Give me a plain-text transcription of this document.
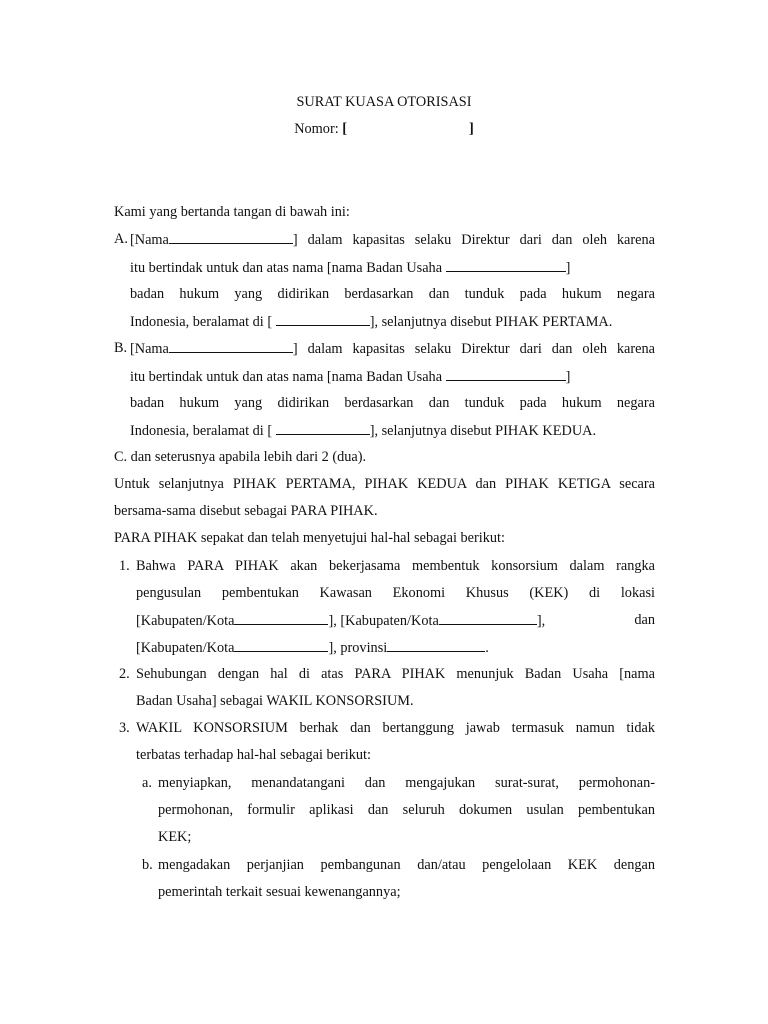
SURAT KUASA OTORISASI
Nomor: [	]
Kami yang bertanda tangan di bawah ini:
A. [Nama	] dalam kapasitas selaku Direktur dari dan oleh karena
itu bertindak untuk dan atas nama [nama Badan Usaha	]
badan hukum yang didirikan berdasarkan dan tunduk pada hukum negara
Indonesia, beralamat di [	], selanjutnya disebut PIHAK PERTAMA.
B. [Nama	] dalam kapasitas selaku Direktur dari dan oleh karena
itu bertindak untuk dan atas nama [nama Badan Usaha	]
badan hukum yang didirikan berdasarkan dan tunduk pada hukum negara
Indonesia, beralamat di [	], selanjutnya disebut PIHAK KEDUA.
C. dan seterusnya apabila lebih dari 2 (dua).
Untuk selanjutnya PIHAK PERTAMA, PIHAK KEDUA dan PIHAK KETIGA secara
bersama-sama disebut sebagai PARA PIHAK.
PARA PIHAK sepakat dan telah menyetujui hal-hal sebagai berikut:
1. Bahwa PARA PIHAK akan bekerjasama membentuk konsorsium dalam rangka
pengusulan pembentukan Kawasan Ekonomi Khusus (KEK) di lokasi
[Kabupaten/Kota	], [Kabupaten/Kota	],	dan
[Kabupaten/Kota	], provinsi	.
2. Sehubungan dengan hal di atas PARA PIHAK menunjuk Badan Usaha [nama
Badan Usaha] sebagai WAKIL KONSORSIUM.
3. WAKIL KONSORSIUM berhak dan bertanggung jawab termasuk namun tidak
terbatas terhadap hal-hal sebagai berikut:
a. menyiapkan, menandatangani dan mengajukan surat-surat, permohonan-
permohonan, formulir aplikasi dan seluruh dokumen usulan pembentukan
KEK;
b. mengadakan perjanjian pembangunan dan/atau pengelolaan KEK dengan
pemerintah terkait sesuai kewenangannya;
